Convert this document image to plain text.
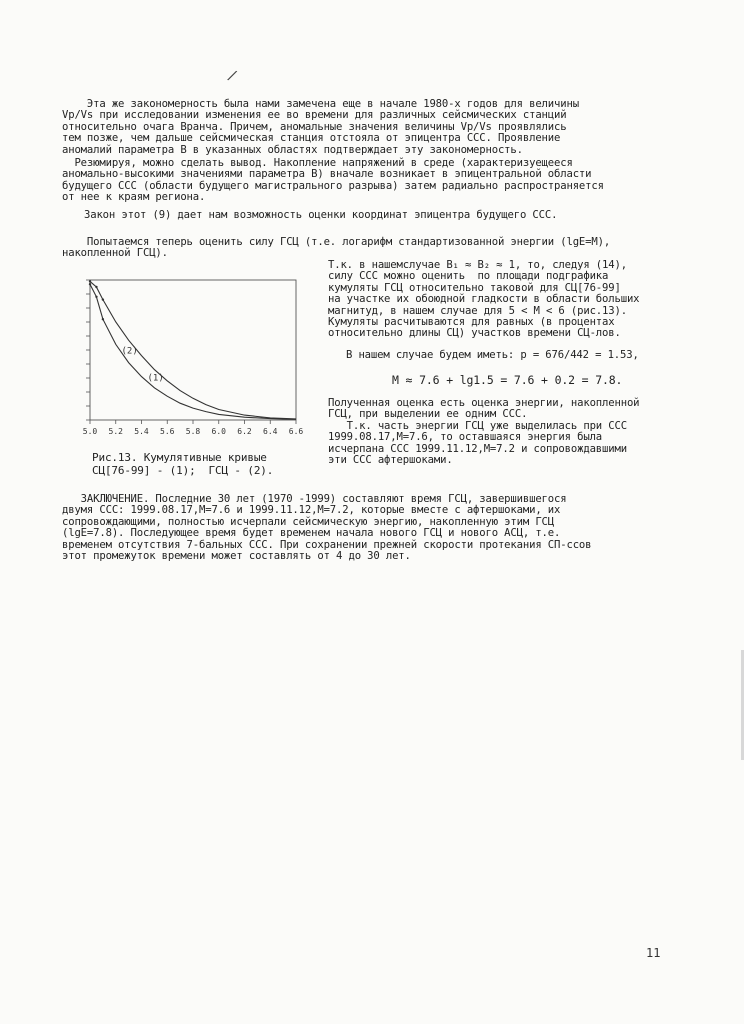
/
Эта же закономерность была нами замечена еще в начале 1980-х годов для величины
Vp/Vs при исследовании изменения ее во времени для различных сейсмических станций
относительно очага Вранча. Причем, аномальные значения величины Vp/Vs проявлялись
тем позже, чем дальше сейсмическая станция отстояла от эпицентра ССС. Проявление
аномалий параметра B в указанных областях подтверждает эту закономерность.
Резюмируя, можно сделать вывод. Накопление напряжений в среде (характеризуещееся
аномально-высокими значениями параметра B) вначале возникает в эпицентральной области
будущего ССС (области будущего магистрального разрыва) затем радиально распространяется
от нее к краям региона.
Закон этот (9) дает нам возможность оценки координат эпицентра будущего ССС.
Попытаемся теперь оценить силу ГСЦ (т.е. логарифм стандартизованной энергии (lgE=M),
накопленной ГСЦ).
5.0 5.2 5.4 5.6 5.8 6.0 6.2 6.4 6.6
(1)
(2)
Рис.13. Кумулятивные кривые
СЦ[76-99] - (1);  ГСЦ - (2).
T.к. в нашемслучае B₁ ≈ B₂ ≈ 1, то, следуя (14),
силу ССС можно оценить  по площади подграфика
кумуляты ГСЦ относительно таковой для СЦ[76-99]
на участке их обоюдной гладкости в области больших
магнитуд, в нашем случае для 5 < M < 6 (рис.13).
Кумуляты расчитываются для равных (в процентах
относительно длины СЦ) участков времени СЦ-лов.
B нашем случае будем иметь: p = 676/442 = 1.53,
M ≈ 7.6 + lg1.5 = 7.6 + 0.2 = 7.8.
Полученная оценка есть оценка энергии, накопленной
ГСЦ, при выделении ее одним ССС.
T.к. часть энергии ГСЦ уже выделилась при ССС
1999.08.17,M=7.6, то оставшаяся энергия была
исчерпана ССС 1999.11.12,M=7.2 и сопровождавшими
эти ССС афтершоками.
ЗАКЛЮЧЕНИЕ. Последние 30 лет (1970 -1999) составляют время ГСЦ, завершившегося
двумя ССС: 1999.08.17,M=7.6 и 1999.11.12,M=7.2, которые вместе с афтершоками, их
сопровождающими, полностью исчерпали сейсмическую энергию, накопленную этим ГСЦ
(lgE=7.8). Последующее время будет временем начала нового ГСЦ и нового АСЦ, т.е.
временем отсутствия 7-бальных ССС. При сохранении прежней скорости протекания СП-ссов
этот промежуток времени может составлять от 4 до 30 лет.
11
